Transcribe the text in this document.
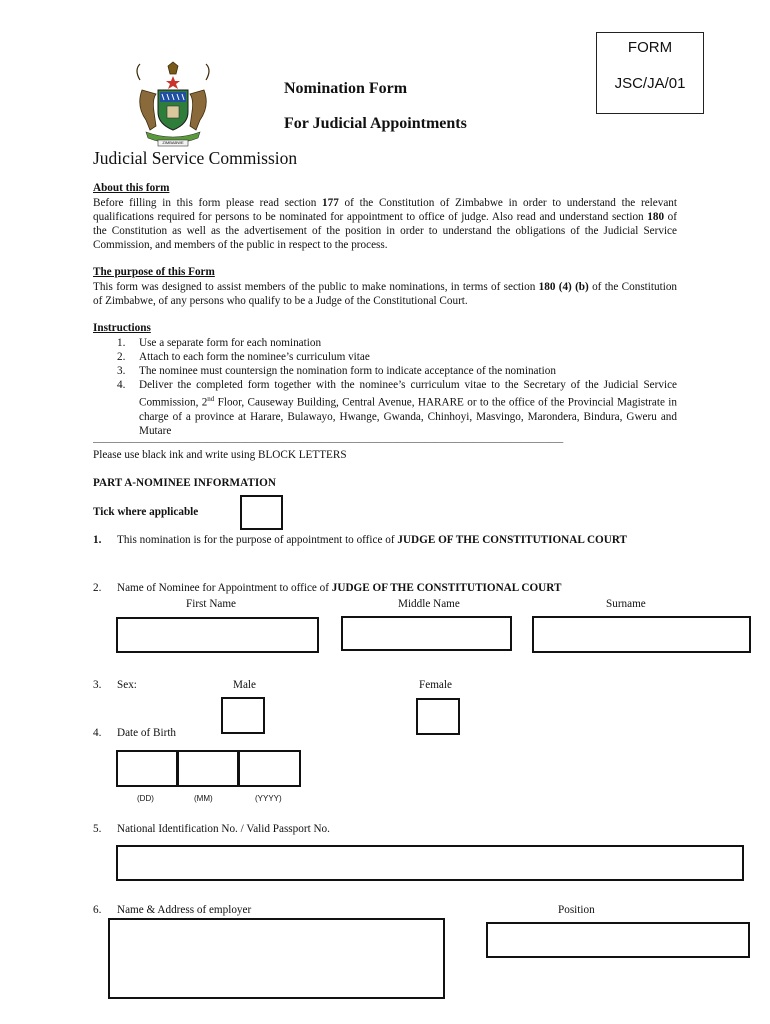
ZIMBABWE
FORM
JSC/JA/01
Nomination Form
For Judicial Appointments
Judicial Service Commission
About this form
Before filling in this form please read section 177 of the Constitution of Zimbabwe in order to understand the relevant qualifications required for persons to be nominated for appointment to office of judge. Also read and understand section 180 of the Constitution as well as the advertisement of the position in order to understand the obligations of the Judicial Service Commission, and members of the public in respect to the process.
The purpose of this Form
This form was designed to assist members of the public to make nominations, in terms of section 180 (4) (b) of the Constitution of Zimbabwe, of any persons who qualify to be a Judge of the Constitutional Court.
Instructions
1. Use a separate form for each nomination
2. Attach to each form the nominee’s curriculum vitae
3. The nominee must countersign the nomination form to indicate acceptance of the nomination
4. Deliver the completed form together with the nominee’s curriculum vitae to the Secretary of the Judicial Service Commission, 2nd Floor, Causeway Building, Central Avenue, HARARE or to the office of the Provincial Magistrate in charge of a province at Harare, Bulawayo, Hwange, Gwanda, Chinhoyi, Masvingo, Marondera, Bindura, Gweru and Mutare
___________________________________________________________________________________________________
Please use black ink and write using BLOCK LETTERS
PART A-NOMINEE INFORMATION
Tick where applicable
1. This nomination is for the purpose of appointment to office of JUDGE OF THE CONSTITUTIONAL COURT
2. Name of Nominee for Appointment to office of JUDGE OF THE CONSTITUTIONAL COURT
First Name	Middle Name	Surname
3. Sex:	Male	Female
4. Date of Birth
(DD)	(MM)	(YYYY)
5. National Identification No. / Valid Passport No.
6. Name & Address of employer	Position
